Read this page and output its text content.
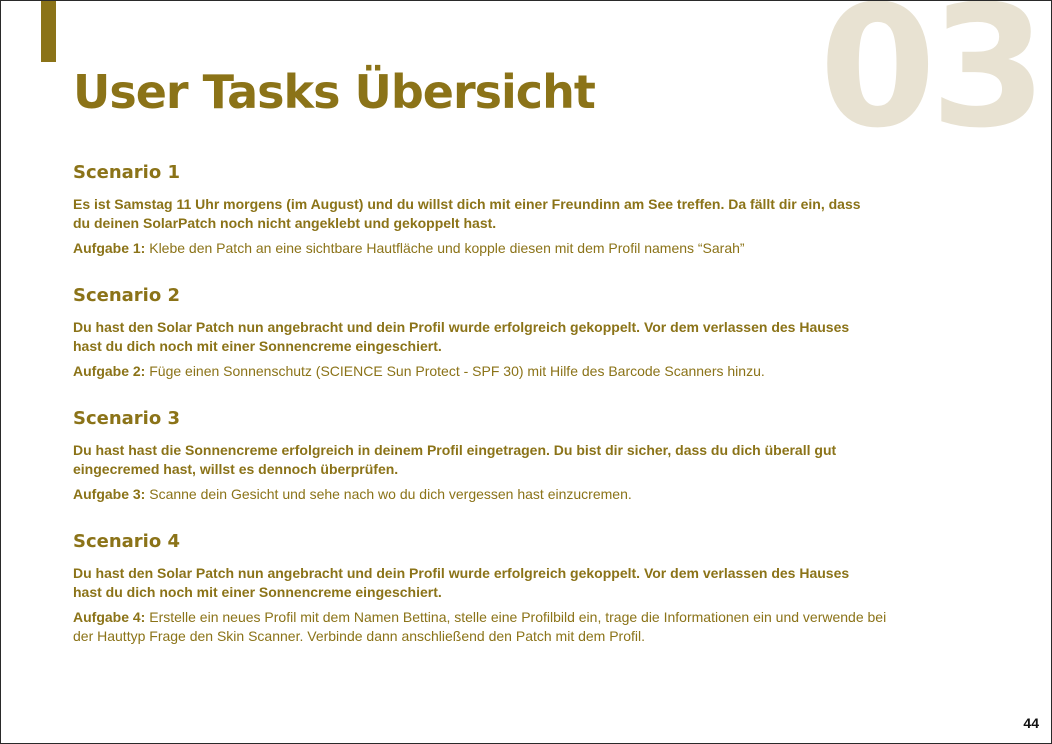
03
User Tasks Übersicht
Scenario 1

Es ist Samstag 11 Uhr morgens (im August) und du willst dich mit einer Freundinn am See treffen. Da fällt dir ein, dass du deinen SolarPatch noch nicht angeklebt und gekoppelt hast.

Aufgabe 1: Klebe den Patch an eine sichtbare Hautfläche und kopple diesen mit dem Profil namens “Sarah”

Scenario 2

Du hast den Solar Patch nun angebracht und dein Profil wurde erfolgreich gekoppelt. Vor dem verlassen des Hauses hast du dich noch mit einer Sonnencreme eingeschiert.

Aufgabe 2: Füge einen Sonnenschutz (SCIENCE Sun Protect - SPF 30) mit Hilfe des Barcode Scanners hinzu.

Scenario 3

Du hast hast die Sonnencreme erfolgreich in deinem Profil eingetragen. Du bist dir sicher, dass du dich überall gut eingecremed hast, willst es dennoch überprüfen.

Aufgabe 3: Scanne dein Gesicht und sehe nach wo du dich vergessen hast einzucremen.

Scenario 4

Du hast den Solar Patch nun angebracht und dein Profil wurde erfolgreich gekoppelt. Vor dem verlassen des Hauses hast du dich noch mit einer Sonnencreme eingeschiert.

Aufgabe 4: Erstelle ein neues Profil mit dem Namen Bettina, stelle eine Profilbild ein, trage die Informationen ein und verwende bei der Hauttyp Frage den Skin Scanner. Verbinde dann anschließend den Patch mit dem Profil.

44
